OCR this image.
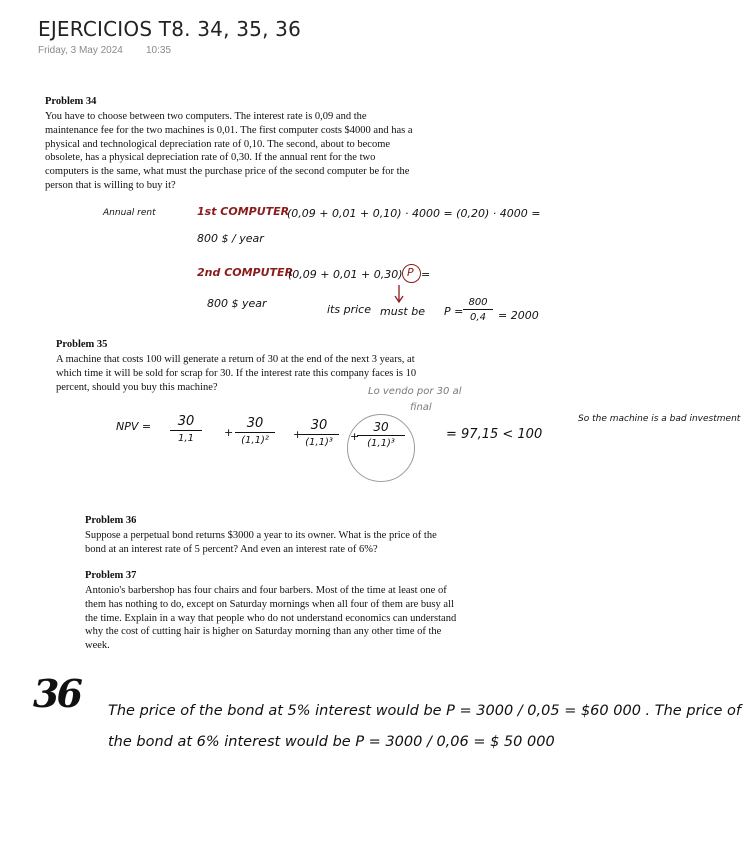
EJERCICIOS T8. 34, 35, 36
Friday, 3 May 2024 10:35
Problem 34
You have to choose between two computers. The interest rate is 0,09 and the
maintenance fee for the two machines is 0,01. The first computer costs $4000 and has a
physical and technological depreciation rate of 0,10. The second, about to become
obsolete, has a physical depreciation rate of 0,30. If the annual rent for the two
computers is the same, what must the purchase price of the second computer be for the
person that is willing to buy it?
Annual rent	1st COMPUTER
(0,09 + 0,01 + 0,10) · 4000 = (0,20) · 4000 =
800 $ / year
2nd COMPUTER
(0,09 + 0,01 + 0,30) P =
800 $ year	its price must be P =
800
0,4	= 2000
Problem 35
A machine that costs 100 will generate a return of 30 at the end of the next 3 years, at
which time it will be sold for scrap for 30. If the interest rate this company faces is 10
percent, should you buy this machine?	Lo vendo por 30 al
final
NPV =	30
1,1	+
30
(1,1)²	+
30
(1,1)³	+
30
(1,1)³
= 97,15 < 100
So the machine is a bad investment
Problem 36
Suppose a perpetual bond returns $3000 a year to its owner. What is the price of the
bond at an interest rate of 5 percent? And even an interest rate of 6%?
Problem 37
Antonio's barbershop has four chairs and four barbers. Most of the time at least one of
them has nothing to do, except on Saturday mornings when all four of them are busy all
the time. Explain in a way that people who do not understand economics can understand
why the cost of cutting hair is higher on Saturday morning than any other time of the
week.
36 The price of the bond at 5% interest would be P = 3000 / 0,05 = $60 000 . The price of
the bond at 6% interest would be P = 3000 / 0,06 = $ 50 000
